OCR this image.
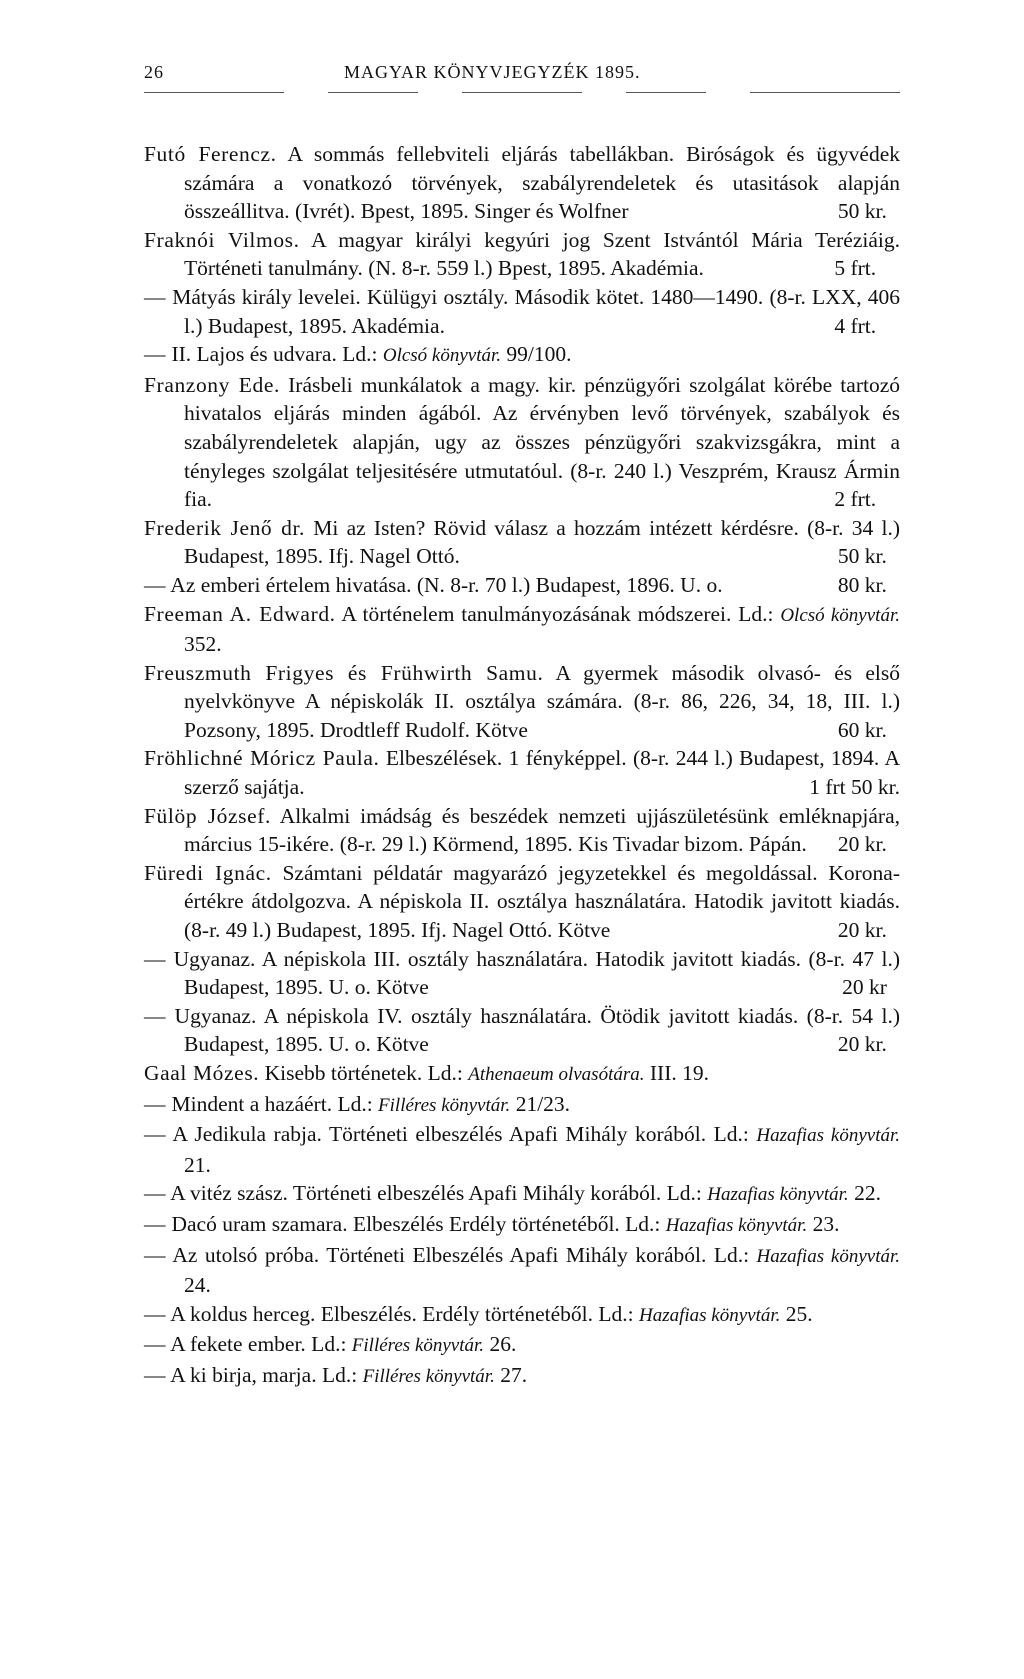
26	MAGYAR KÖNYVJEGYZÉK 1895.

Futó Ferencz. A sommás fellebviteli eljárás tabellákban. Biróságok és ügyvédek számára a vonatkozó törvények, szabályrendeletek és utasitások alapján összeállitva. (Ivrét). Bpest, 1895. Singer és Wolfner	50 kr.

Fraknói Vilmos. A magyar királyi kegyúri jog Szent Istvántól Mária Teréziáig. Történeti tanulmány. (N. 8-r. 559 l.) Bpest, 1895. Akadémia.	5 frt.

— Mátyás király levelei. Külügyi osztály. Második kötet. 1480—1490. (8-r. LXX, 406 l.) Budapest, 1895. Akadémia.	4 frt.

— II. Lajos és udvara. Ld.: Olcsó könyvtár. 99/100.

Franzony Ede. Irásbeli munkálatok a magy. kir. pénzügyőri szolgálat körébe tartozó hivatalos eljárás minden ágából. Az érvényben levő törvények, szabályok és szabályrendeletek alapján, ugy az összes pénzügyőri szakvizsgákra, mint a tényleges szolgálat teljesitésére utmutatóul. (8-r. 240 l.) Veszprém, Krausz Ármin fia.	2 frt.

Frederik Jenő dr. Mi az Isten? Rövid válasz a hozzám intézett kérdésre. (8-r. 34 l.) Budapest, 1895. Ifj. Nagel Ottó.	50 kr.

— Az emberi értelem hivatása. (N. 8-r. 70 l.) Budapest, 1896. U. o.	80 kr.

Freeman A. Edward. A történelem tanulmányozásának módszerei. Ld.: Olcsó könyvtár. 352.

Freuszmuth Frigyes és Frühwirth Samu. A gyermek második olvasó- és első nyelvkönyve A népiskolák II. osztálya számára. (8-r. 86, 226, 34, 18, III. l.) Pozsony, 1895. Drodtleff Rudolf. Kötve	60 kr.

Fröhlichné Móricz Paula. Elbeszélések. 1 fényképpel. (8-r. 244 l.) Budapest, 1894. A szerző sajátja.	1 frt 50 kr.

Fülöp József. Alkalmi imádság és beszédek nemzeti ujjászületésünk emléknapjára, március 15-ikére. (8-r. 29 l.) Körmend, 1895. Kis Tivadar bizom. Pápán. 20 kr.

Füredi Ignác. Számtani példatár magyarázó jegyzetekkel és megoldással. Korona-értékre átdolgozva. A népiskola II. osztálya használatára. Hatodik javitott kiadás. (8-r. 49 l.) Budapest, 1895. Ifj. Nagel Ottó. Kötve	20 kr.

— Ugyanaz. A népiskola III. osztály használatára. Hatodik javitott kiadás. (8-r. 47 l.) Budapest, 1895. U. o. Kötve	20 kr

— Ugyanaz. A népiskola IV. osztály használatára. Ötödik javitott kiadás. (8-r. 54 l.) Budapest, 1895. U. o. Kötve	20 kr.

Gaal Mózes. Kisebb történetek. Ld.: Athenaeum olvasótára. III. 19.

— Mindent a hazáért. Ld.: Filléres könyvtár. 21/23.

— A Jedikula rabja. Történeti elbeszélés Apafi Mihály korából. Ld.: Hazafias könyvtár. 21.

— A vitéz szász. Történeti elbeszélés Apafi Mihály korából. Ld.: Hazafias könyvtár. 22.

— Dacó uram szamara. Elbeszélés Erdély történetéből. Ld.: Hazafias könyvtár. 23.

— Az utolsó próba. Történeti Elbeszélés Apafi Mihály korából. Ld.: Hazafias könyvtár. 24.

— A koldus herceg. Elbeszélés. Erdély történetéből. Ld.: Hazafias könyvtár. 25.

— A fekete ember. Ld.: Filléres könyvtár. 26.

— A ki birja, marja. Ld.: Filléres könyvtár. 27.
